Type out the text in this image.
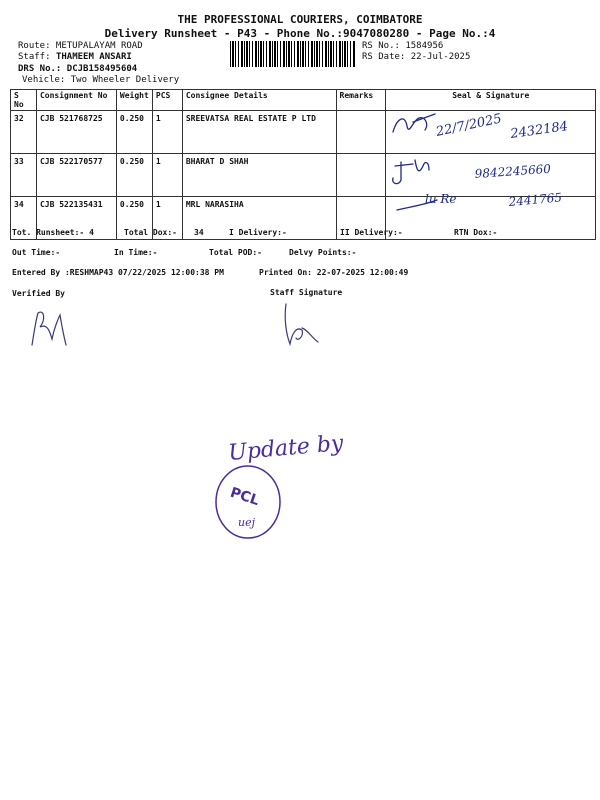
THE PROFESSIONAL COURIERS, COIMBATORE
Delivery Runsheet - P43 - Phone No.:9047080280 - Page No.:4
Route: METUPALAYAM ROAD
Staff: THAMEEM ANSARI
DRS No.: DCJB158495604
Vehicle: Two Wheeler Delivery
RS No.: 1584956
RS Date: 22-Jul-2025
S No	Consignment No	Weight	PCS	Consignee Details	Remarks	Seal & Signature
32	CJB 521768725	0.250	1	SREEVATSA REAL ESTATE P LTD		
33	CJB 522170577	0.250	1	BHARAT D SHAH		
34	CJB 522135431	0.250	1	MRL NARASIHA		
22/7/2025 2432184
9842245660
lu Re	2441765
Tot. Runsheet:- 4	Total Dox:- 34	I Delivery:-	II Delivery:-	RTN Dox:-
Out Time:-	In Time:-	Total POD:-	Delvy Points:-
Entered By :RESHMAP43 07/22/2025 12:00:38 PM	Printed On: 22-07-2025 12:00:49
Verified By	Staff Signature
Update by
PCL
uej
